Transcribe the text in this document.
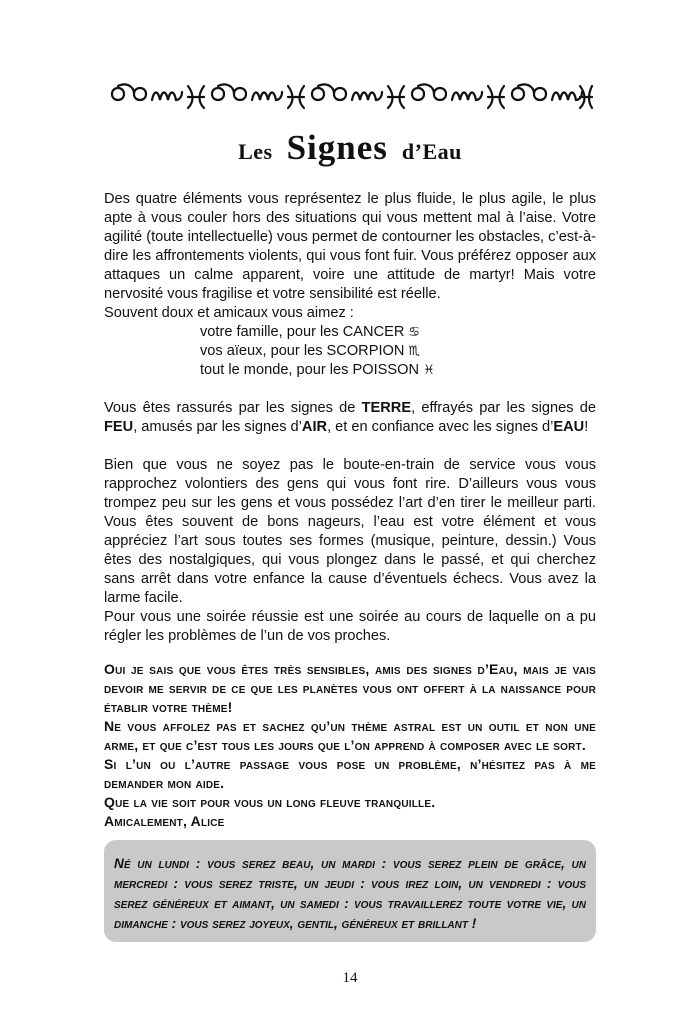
Les Signes d’Eau

Des quatre éléments vous représentez le plus fluide, le plus agile, le plus apte à vous couler hors des situations qui vous mettent mal à l’aise. Votre agilité (toute intellectuelle) vous permet de contourner les obstacles, c’est-à-dire les affrontements violents, qui vous font fuir. Vous préférez opposer aux attaques un calme apparent, voire une attitude de martyr! Mais votre nervosité vous fragilise et votre sensibilité est réelle.

Souvent doux et amicaux vous aimez :

votre famille, pour les CANCER ♋

vos aïeux, pour les SCORPION ♏

tout le monde, pour les POISSON ♓

Vous êtes rassurés par les signes de TERRE, effrayés par les signes de FEU, amusés par les signes d’AIR, et en confiance avec les signes d’EAU!

Bien que vous ne soyez pas le boute-en-train de service vous vous rapprochez volontiers des gens qui vous font rire. D’ailleurs vous vous trompez peu sur les gens et vous possédez l’art d’en tirer le meilleur parti. Vous êtes souvent de bons nageurs, l’eau est votre élément et vous appréciez l’art sous toutes ses formes (musique, peinture, dessin.) Vous êtes des nostalgiques, qui vous plongez dans le passé, et qui cherchez sans arrêt dans votre enfance la cause d’éventuels échecs. Vous avez la larme facile.

Pour vous une soirée réussie est une soirée au cours de laquelle on a pu régler les problèmes de l’un de vos proches.

Oui je sais que vous êtes très sensibles, amis des signes d’Eau, mais je vais devoir me servir de ce que les planètes vous ont offert à la naissance pour établir votre thème!

Ne vous affolez pas et sachez qu’un thème astral est un outil et non une arme, et que c’est tous les jours que l’on apprend à composer avec le sort.

Si l’un ou l’autre passage vous pose un problème, n’hésitez pas à me demander mon aide.

Que la vie soit pour vous un long fleuve tranquille.

Amicalement, Alice

Né un lundi : vous serez beau, un mardi : vous serez plein de grâce, un mercredi : vous serez triste, un jeudi : vous irez loin, un vendredi : vous serez généreux et aimant, un samedi : vous travaillerez toute votre vie, un dimanche : vous serez joyeux, gentil, généreux et brillant !

14
